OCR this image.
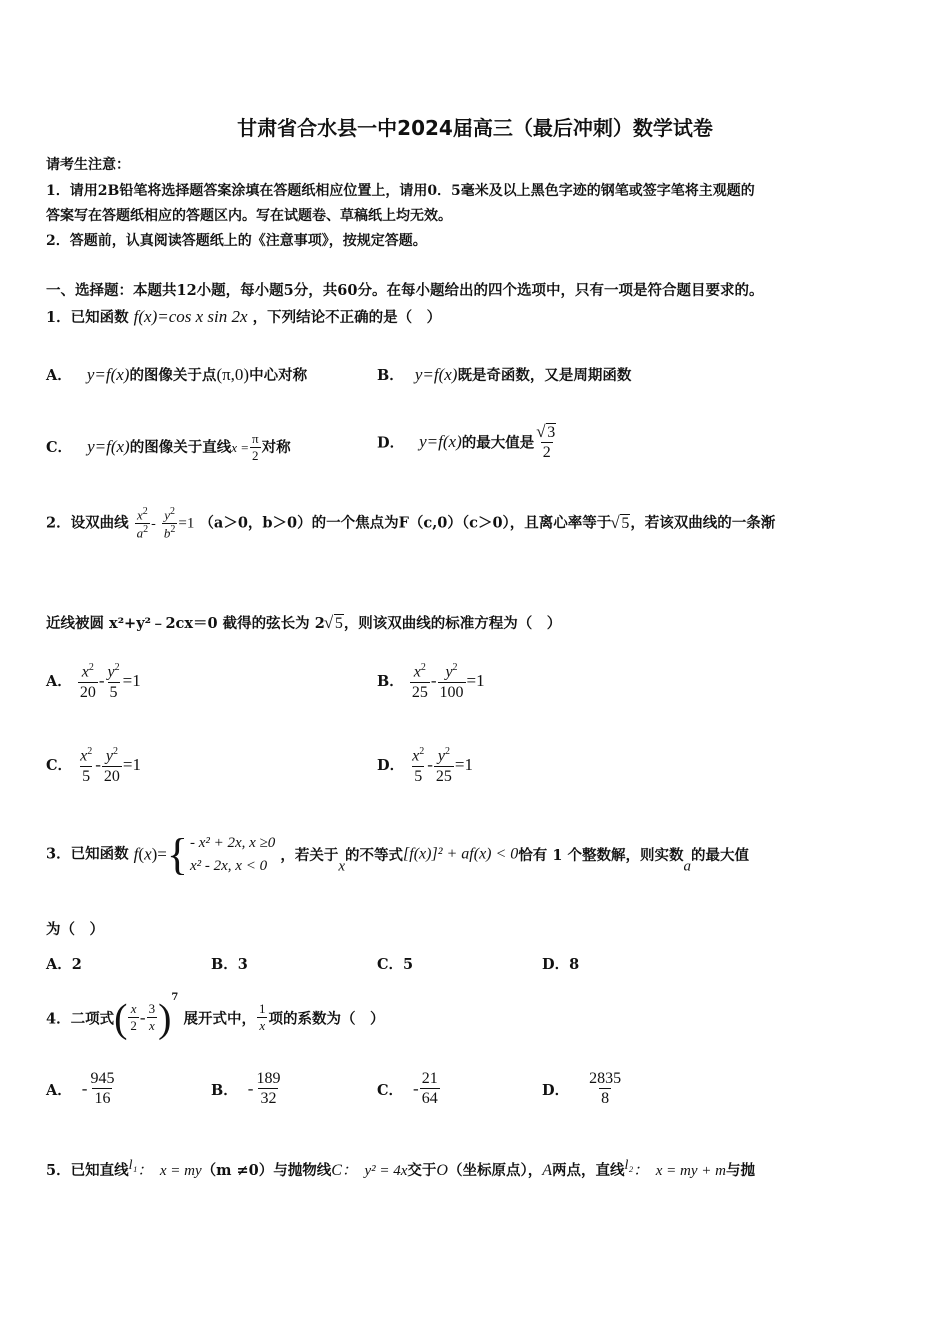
甘肃省合水县一中2024届高三（最后冲刺）数学试卷
请考生注意：
1．请用2B铅笔将选择题答案涂填在答题纸相应位置上，请用0．5毫米及以上黑色字迹的钢笔或签字笔将主观题的
答案写在答题纸相应的答题区内。写在试题卷、草稿纸上均无效。
2．答题前，认真阅读答题纸上的《注意事项》，按规定答题。
一、选择题：本题共12小题，每小题5分，共60分。在每小题给出的四个选项中，只有一项是符合题目要求的。
1．已知函数 f(x)=cos x sin 2x ，下列结论不正确的是（　）
A． y=f(x)的图像关于点(π,0)中心对称	B． y=f(x)既是奇函数，又是周期函数
C． y=f(x)的图像关于直线$x = \frac{\pi}{2}$ 对称	D． y=f(x)的最大值是 √ $\frac{3}{2}$
2．设双曲线 $\frac{x^2}{a^2} - \frac{y^2}{b^2} =1$ （a＞0，b＞0）的一个焦点为F（c,0）（c＞0），且离心率等于 √ 5，若该双曲线的一条渐
近线被圆 x²+y²﹣2cx＝0 截得的弦长为 2 √ 5，则该双曲线的标准方程为（　）
A． $\frac{x^2}{20} - \frac{y^2}{5} =1$	B． $\frac{x^2}{25} - \frac{y^2}{100} =1$
C． $\frac{x^2}{5} - \frac{y^2}{20} =1$	D． $\frac{x^2}{5} - \frac{y^2}{25} =1$
3．已知函数 f(x)= { - x² + 2x, x ≥0
x² - 2x, x < 0
，若关于x的不等式[f(x)]² + af(x) < 0恰有 1 个整数解，则实数a的最大值
为（　）
A．2	B．3	C．5	D．8
4．二项式( $\frac{x}{2} - \frac{3}{x} )^7$ 展开式中， $\frac{1}{x}$ 项的系数为（　）
A． - $\frac{945}{16}$	B． - $\frac{189}{32}$	C． - $\frac{21}{64}$	D． $\frac{2835}{8}$
5．已知直线l₁：　x = my（m ≠0）与抛物线C：　y² = 4x交于O（坐标原点），A两点，直线l₂：　x = my + m与抛
